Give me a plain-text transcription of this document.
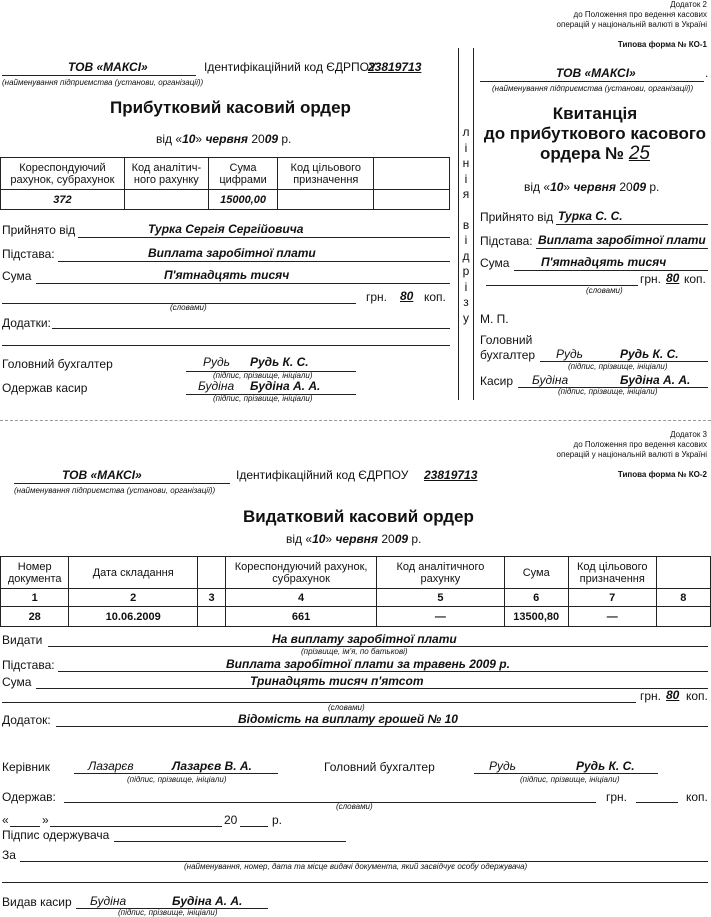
Додаток 2
до Положення про ведення касових
операцій у національній валюті в Україні
Типова форма № КО-1
ТОВ «МАКСІ»	Ідентифікаційний код ЄДРПОУ
23819713
(найменування підприємства (установи, організації))
Прибутковий касовий ордер
від «10» червня 2009 р.
Кореспондуючий рахунок, субрахунок	Код аналітич-ного рахунку	Сума цифрами	Код цільового призначення	
372		15000,00		
Прийнято від	Турка Сергія Сергійовича
Підстава:	Виплата заробітної плати
Сума	П'ятнадцять тисяч
грн. 80 коп.
(словами)
Додатки:
Головний бухгалтер	Рудь Рудь К. С.
(підпис, прізвище, ініціали)
Одержав касир	Будіна Будіна А. А.
(підпис, прізвище, ініціали)
л
і
н
і
я
в
і
д
р
і
з
у
ТОВ «МАКСІ»	.
(найменування підприємства (установи, організації))
Квитанція
до прибуткового касового
ордера № 25
від «10» червня 2009 р.
Прийнято від Турка С. С.
Підстава: Виплата заробітної плати
Сума	П'ятнадцять тисяч
грн. 80 коп.
(словами)
М. П.
Головний
бухгалтер Рудь	Рудь К. С.
(підпис, прізвище, ініціали)
Касир Будіна	Будіна А. А.
(підпис, прізвище, ініціали)
Додаток 3
до Положення про ведення касових
операцій у національній валюті в Україні
Типова форма № КО-2
ТОВ «МАКСІ»	Ідентифікаційний код ЄДРПОУ 23819713
(найменування підприємства (установи, організації))
Видатковий касовий ордер
від «10» червня 2009 р.
Номер документа	Дата складання		Кореспондуючий рахунок, субрахунок	Код аналітичного рахунку	Сума	Код цільового призначення	
1	2	3	4	5	6	7	8
28	10.06.2009		661	—	13500,80	—	
Видати	На виплату заробітної плати
(прізвище, ім'я, по батькові)
Підстава:	Виплата заробітної плати за травень 2009 р.
Сума	Тринадцять тисяч п'ятсот
грн. 80 коп.
(словами)
Додаток:	Відомість на виплату грошей № 10
Керівник	Лазарєв	Лазарєв В. А.
(підпис, прізвище, ініціали)
Головний бухгалтер	Рудь	Рудь К. С.
(підпис, прізвище, ініціали)
Одержав:	грн.	коп.
(словами)
«	»	20	р.
Підпис одержувача
За
(найменування, номер, дата та місце видачі документа, який засвідчує особу одержувача)
Видав касир Будіна	Будіна А. А.
(підпис, прізвище, ініціали)
